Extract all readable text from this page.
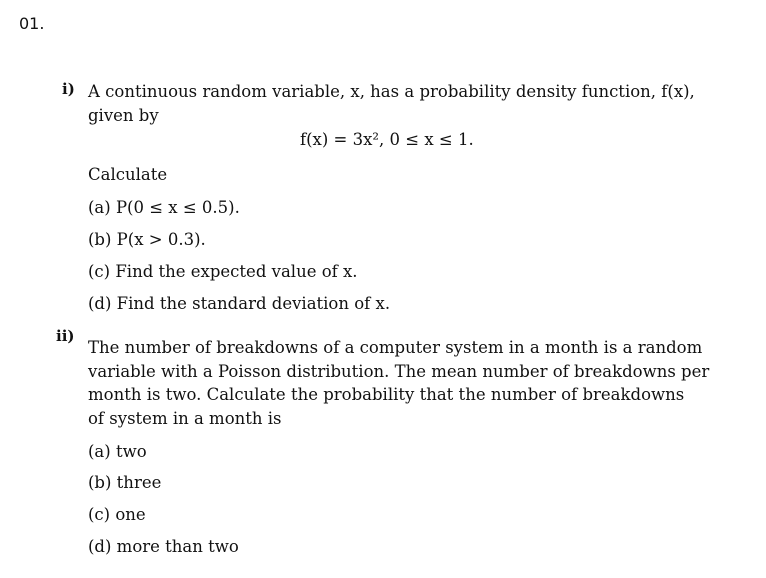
01.
i) A continuous random variable, x, has a probability density function, f(x),
given by
f(x) = 3x², 0 ≤ x ≤ 1.
Calculate
(a) P(0 ≤ x ≤ 0.5).
(b) P(x > 0.3).
(c) Find the expected value of x.
(d) Find the standard deviation of x.
ii)
The number of breakdowns of a computer system in a month is a random
variable with a Poisson distribution. The mean number of breakdowns per
month is two. Calculate the probability that the number of breakdowns
of system in a month is
(a) two
(b) three
(c) one
(d) more than two
